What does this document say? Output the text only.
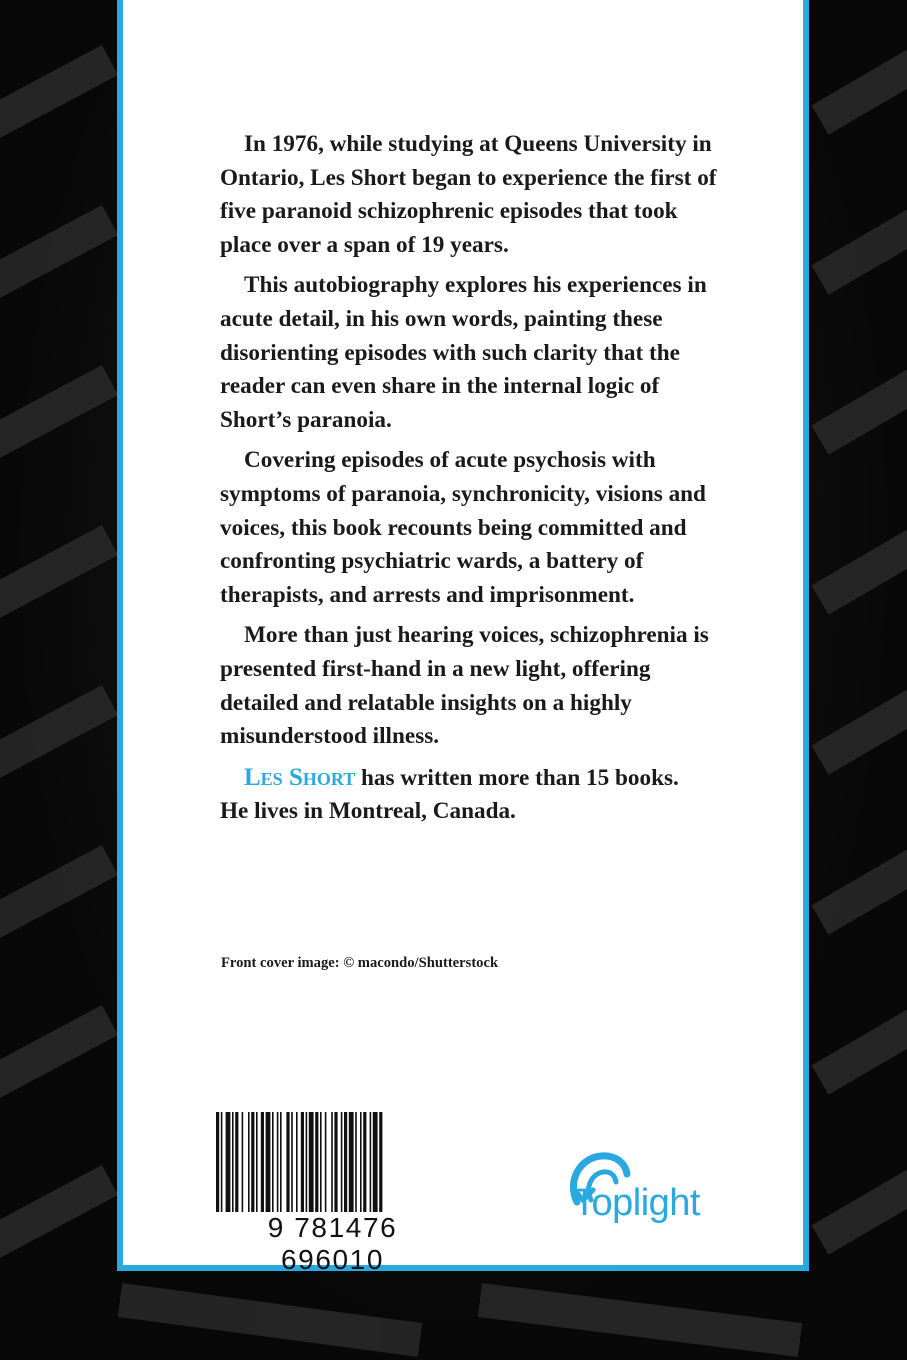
In 1976, while studying at Queens University in Ontario, Les Short began to experience the first of five paranoid schizophrenic episodes that took place over a span of 19 years.

This autobiography explores his experiences in acute detail, in his own words, painting these disorienting episodes with such clarity that the reader can even share in the internal logic of Short’s paranoia.

Covering episodes of acute psychosis with symptoms of paranoia, synchronicity, visions and voices, this book recounts being committed and confronting psychiatric wards, a battery of therapists, and arrests and imprisonment.

More than just hearing voices, schizophrenia is presented first-hand in a new light, offering detailed and relatable insights on a highly misunderstood illness.

Les Short has written more than 15 books.
He lives in Montreal, Canada.

Front cover image: © macondo/Shutterstock
9 781476 696010
Toplight
